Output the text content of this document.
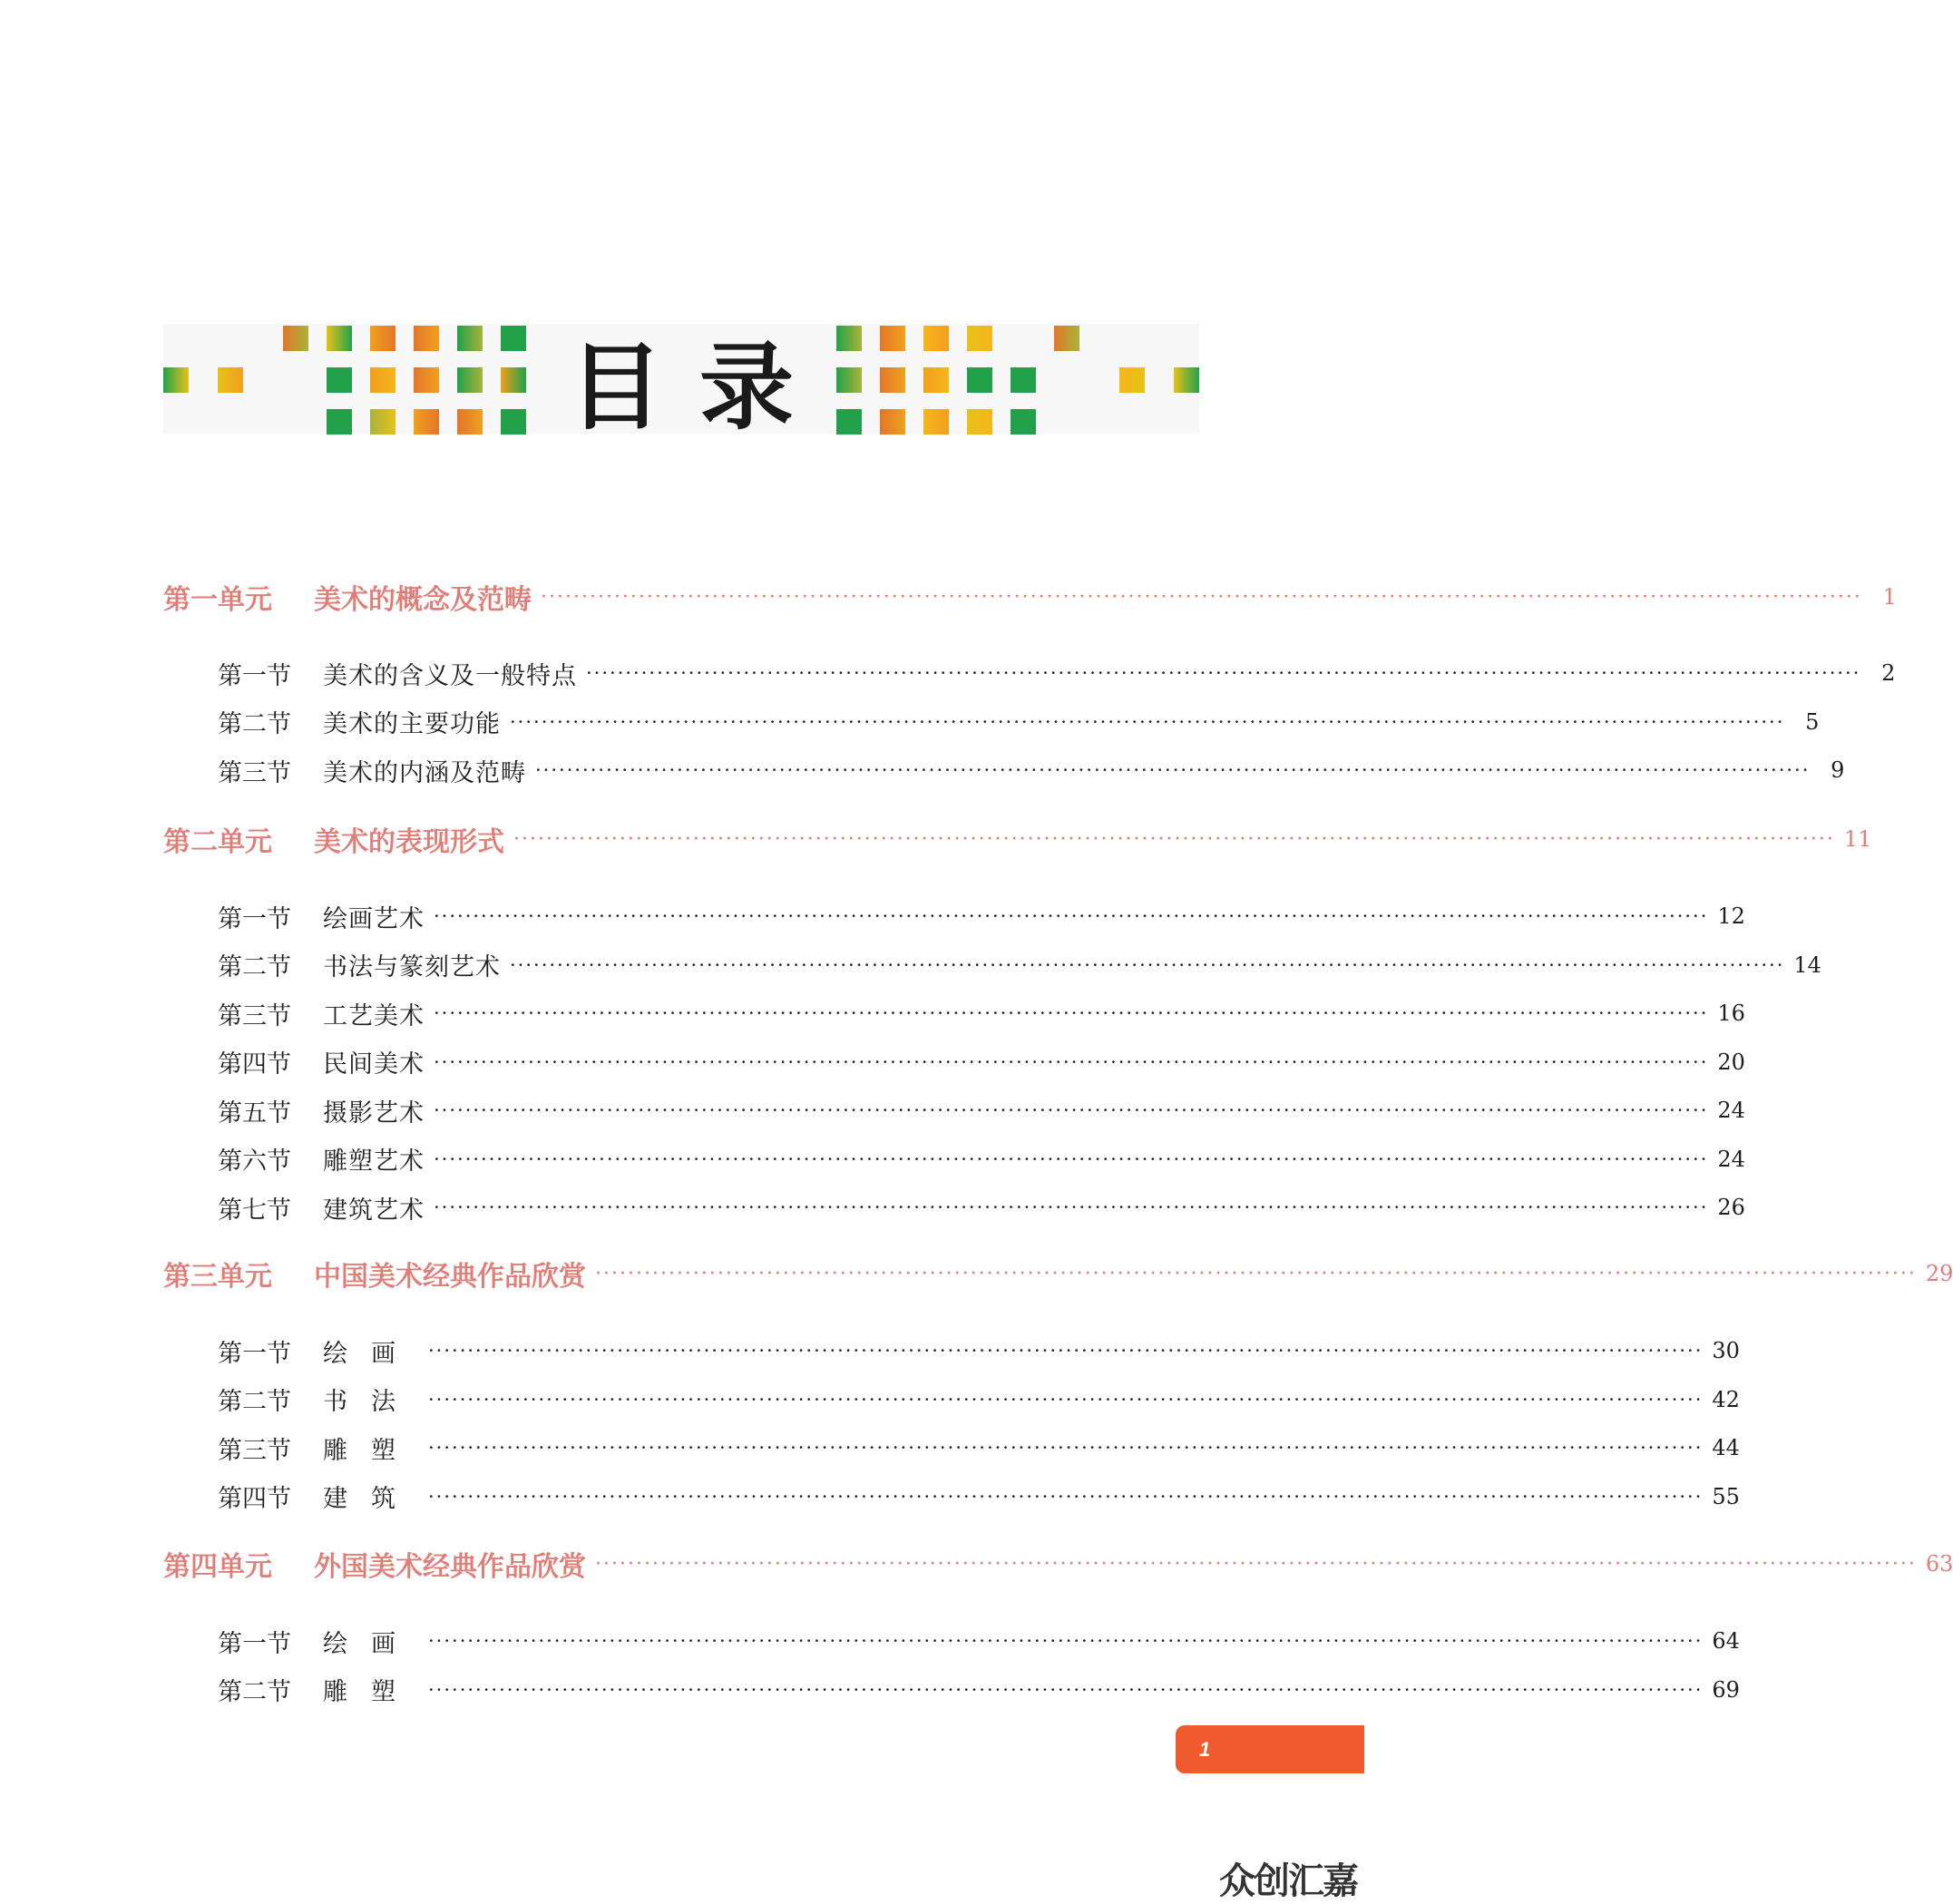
目录
第一单元 美术的概念及范畴 ·································································································································································· 1
第一节 美术的含义及一般特点 ·································································································································································· 2
第二节 美术的主要功能 ·································································································································································· 5
第三节 美术的内涵及范畴 ·································································································································································· 9
第二单元 美术的表现形式 ·································································································································································· 11
第一节 绘画艺术 ·································································································································································· 12
第二节 书法与篆刻艺术 ·································································································································································· 14
第三节 工艺美术 ·································································································································································· 16
第四节 民间美术 ·································································································································································· 20
第五节 摄影艺术 ·································································································································································· 24
第六节 雕塑艺术 ·································································································································································· 24
第七节 建筑艺术 ·································································································································································· 26
第三单元 中国美术经典作品欣赏 ·································································································································································· 29
第一节 绘画 ·································································································································································· 30
第二节 书法 ·································································································································································· 42
第三节 雕塑 ·································································································································································· 44
第四节 建筑 ·································································································································································· 55
第四单元 外国美术经典作品欣赏 ·································································································································································· 63
第一节 绘画 ·································································································································································· 64
第二节 雕塑 ·································································································································································· 69
1
众创汇嘉
